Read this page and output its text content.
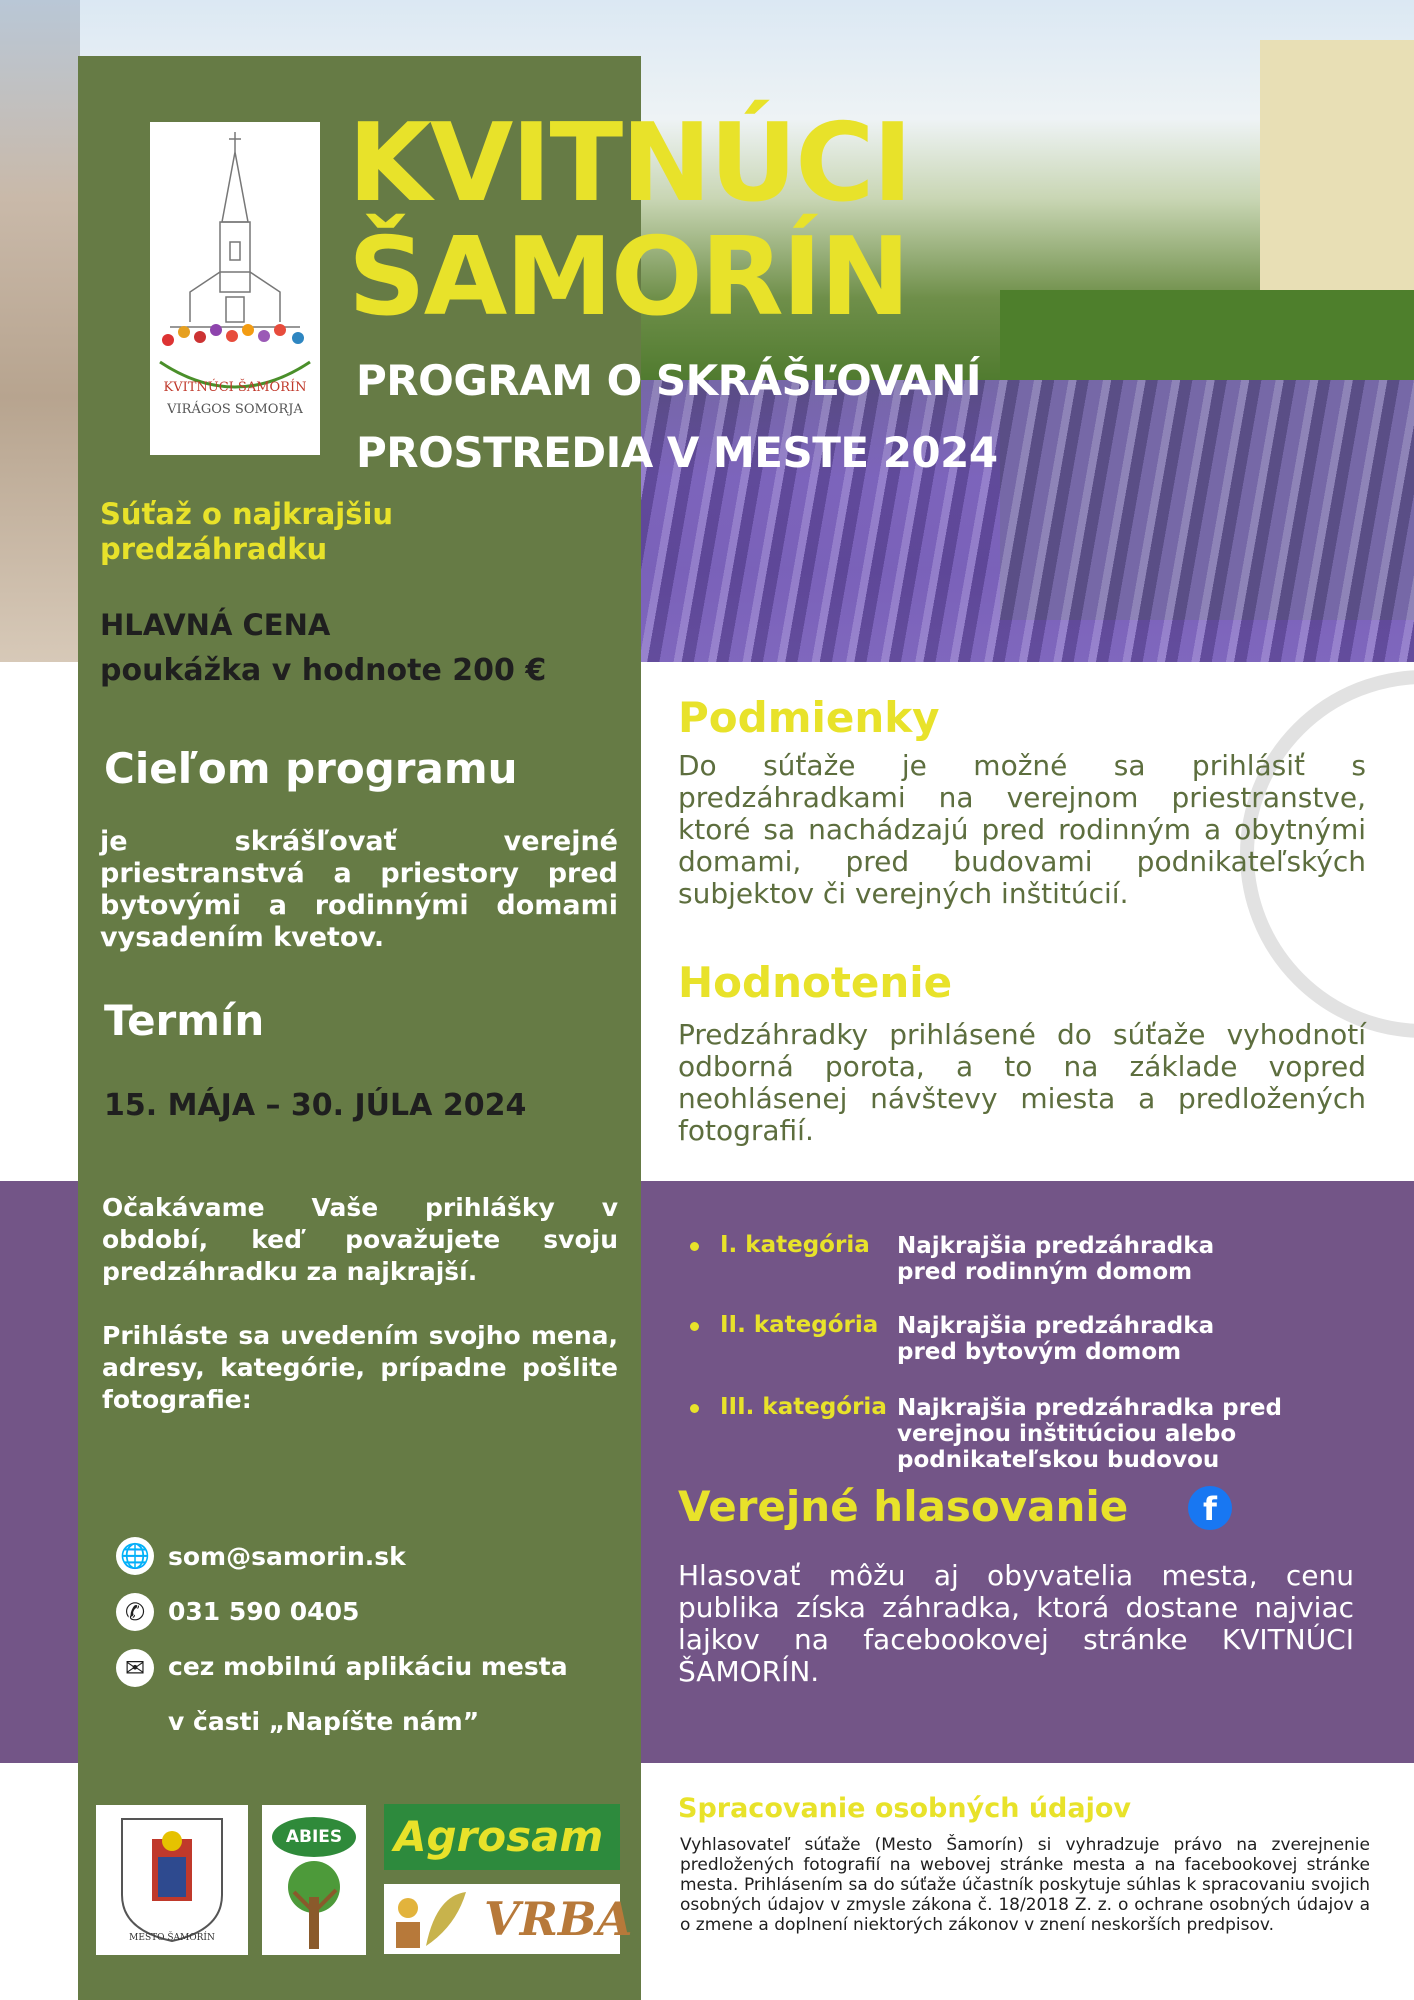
KVITNÚCI ŠAMORÍN
VIRÁGOS SOMORJA
KVITNÚCI
ŠAMORÍN
PROGRAM O SKRÁŠĽOVANÍ
PROSTREDIA V MESTE 2024
Súťaž o najkrajšiu
predzáhradku
HLAVNÁ CENA
poukážka v hodnote 200 €
Cieľom programu
je skrášľovať verejné priestranstvá a priestory pred bytovými a rodinnými domami vysadením kvetov.
Termín
15. MÁJA – 30. JÚLA 2024
Očakávame Vaše prihlášky v období, keď považujete svoju predzáhradku za najkrajší.
Prihláste sa uvedením svojho mena, adresy, kategórie, prípadne pošlite fotografie:
🌐 som@samorin.sk
✆ 031 590 0405
✉ cez mobilnú aplikáciu mesta
v časti „Napíšte nám”
MESTO ŠAMORÍN
ABIES	Agrosam
VRBA
Podmienky
Do súťaže je možné sa prihlásiť s predzáhradkami na verejnom priestranstve, ktoré sa nachádzajú pred rodinným a obytnými domami, pred budovami podnikateľských subjektov či verejných inštitúcií.
Hodnotenie
Predzáhradky prihlásené do súťaže vyhodnotí odborná porota, a to na základe vopred neohlásenej návštevy miesta a predložených fotografií.
I. kategória Najkrajšia predzáhradka pred rodinným domom
II. kategória Najkrajšia predzáhradka pred bytovým domom
III. kategória Najkrajšia predzáhradka pred verejnou inštitúciou alebo podnikateľskou budovou
Verejné hlasovanie	f
Hlasovať môžu aj obyvatelia mesta, cenu publika získa záhradka, ktorá dostane najviac lajkov na facebookovej stránke KVITNÚCI ŠAMORÍN.
Spracovanie osobných údajov
Vyhlasovateľ súťaže (Mesto Šamorín) si vyhradzuje právo na zverejnenie predložených fotografií na webovej stránke mesta a na facebookovej stránke mesta. Prihlásením sa do súťaže účastník poskytuje súhlas k spracovaniu svojich osobných údajov v zmysle zákona č. 18/2018 Z. z. o ochrane osobných údajov a o zmene a doplnení niektorých zákonov v znení neskorších predpisov.
